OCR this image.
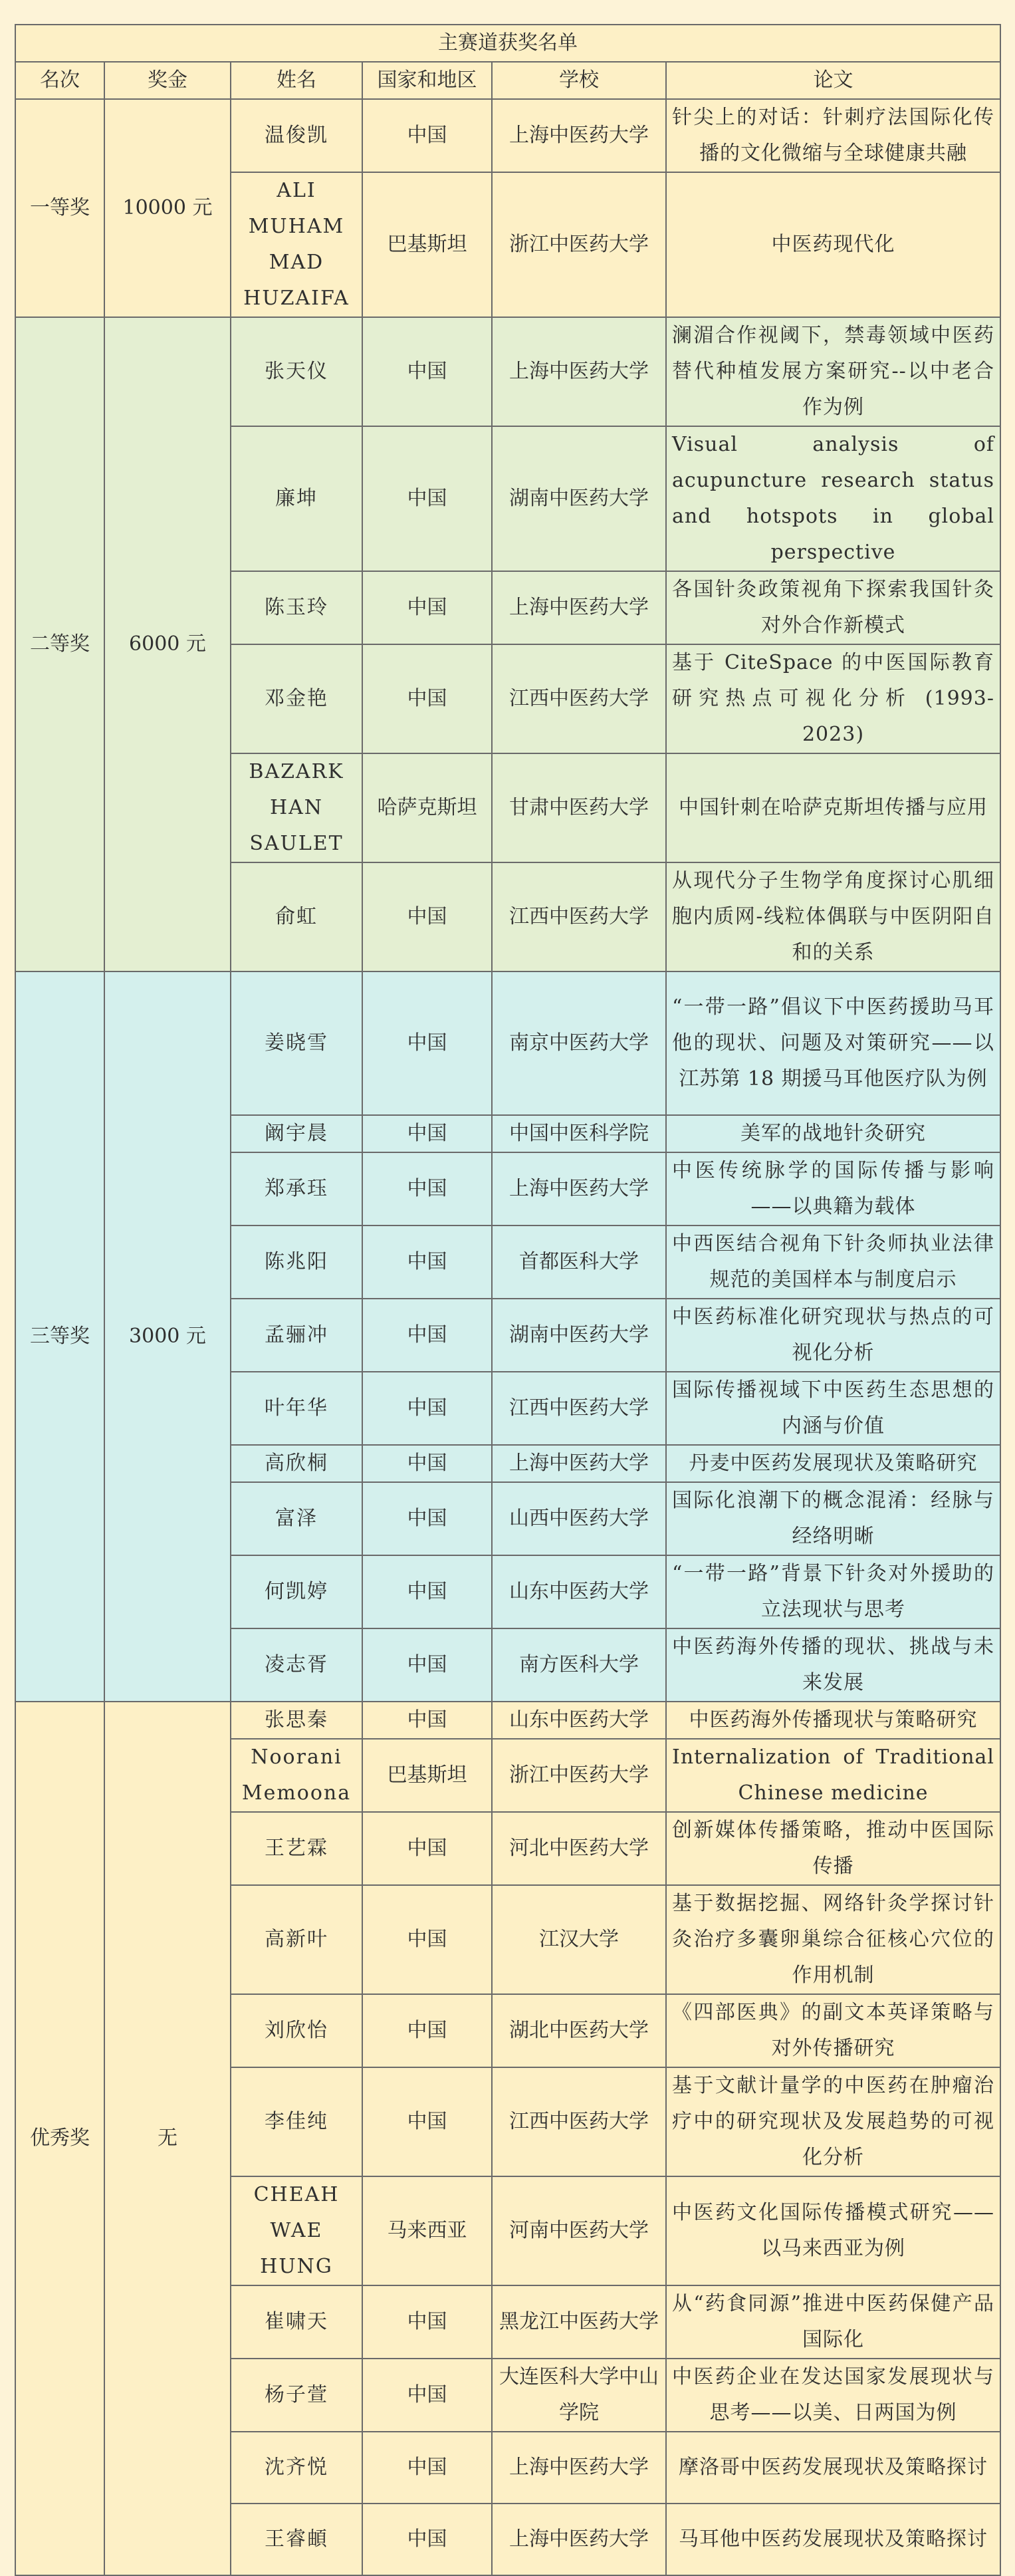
主赛道获奖名单					
名次	奖金	姓名	国家和地区	学校	论文
一等奖	10000 元	温俊凯	中国	上海中医药大学	针尖上的对话：针刺疗法国际化传播的文化微缩与全球健康共融
		ALI MUHAM MAD HUZAIFA	巴基斯坦	浙江中医药大学	中医药现代化
二等奖	6000 元	张天仪	中国	上海中医药大学	澜湄合作视阈下，禁毒领域中医药替代种植发展方案研究--以中老合作为例
		廉坤	中国	湖南中医药大学	Visual analysis of acupuncture research status and hotspots in global perspective
		陈玉玲	中国	上海中医药大学	各国针灸政策视角下探索我国针灸对外合作新模式
		邓金艳	中国	江西中医药大学	基于 CiteSpace 的中医国际教育研究热点可视化分析 (1993-2023)
		BAZARK HAN SAULET	哈萨克斯坦	甘肃中医药大学	中国针刺在哈萨克斯坦传播与应用
		俞虹	中国	江西中医药大学	从现代分子生物学角度探讨心肌细胞内质网-线粒体偶联与中医阴阳自和的关系
三等奖	3000 元	姜晓雪	中国	南京中医药大学	“一带一路”倡议下中医药援助马耳他的现状、问题及对策研究——以江苏第 18 期援马耳他医疗队为例
		阚宇晨	中国	中国中医科学院	美军的战地针灸研究
		郑承珏	中国	上海中医药大学	中医传统脉学的国际传播与影响——以典籍为载体
		陈兆阳	中国	首都医科大学	中西医结合视角下针灸师执业法律规范的美国样本与制度启示
		孟骊冲	中国	湖南中医药大学	中医药标准化研究现状与热点的可视化分析
		叶年华	中国	江西中医药大学	国际传播视域下中医药生态思想的内涵与价值
		高欣桐	中国	上海中医药大学	丹麦中医药发展现状及策略研究
		富泽	中国	山西中医药大学	国际化浪潮下的概念混淆：经脉与经络明晰
		何凯婷	中国	山东中医药大学	“一带一路”背景下针灸对外援助的立法现状与思考
		凌志胥	中国	南方医科大学	中医药海外传播的现状、挑战与未来发展
优秀奖	无	张思秦	中国	山东中医药大学	中医药海外传播现状与策略研究
		Noorani Memoona	巴基斯坦	浙江中医药大学	Internalization of Traditional Chinese medicine
		王艺霖	中国	河北中医药大学	创新媒体传播策略，推动中医国际传播
		高新叶	中国	江汉大学	基于数据挖掘、网络针灸学探讨针灸治疗多囊卵巢综合征核心穴位的作用机制
		刘欣怡	中国	湖北中医药大学	《四部医典》的副文本英译策略与对外传播研究
		李佳纯	中国	江西中医药大学	基于文献计量学的中医药在肿瘤治疗中的研究现状及发展趋势的可视化分析
		CHEAH WAE HUNG	马来西亚	河南中医药大学	中医药文化国际传播模式研究——以马来西亚为例
		崔啸天	中国	黑龙江中医药大学	从“药食同源”推进中医药保健产品国际化
		杨子萱	中国	大连医科大学中山学院	中医药企业在发达国家发展现状与思考——以美、日两国为例
		沈齐悦	中国	上海中医药大学	摩洛哥中医药发展现状及策略探讨
		王睿頔	中国	上海中医药大学	马耳他中医药发展现状及策略探讨
